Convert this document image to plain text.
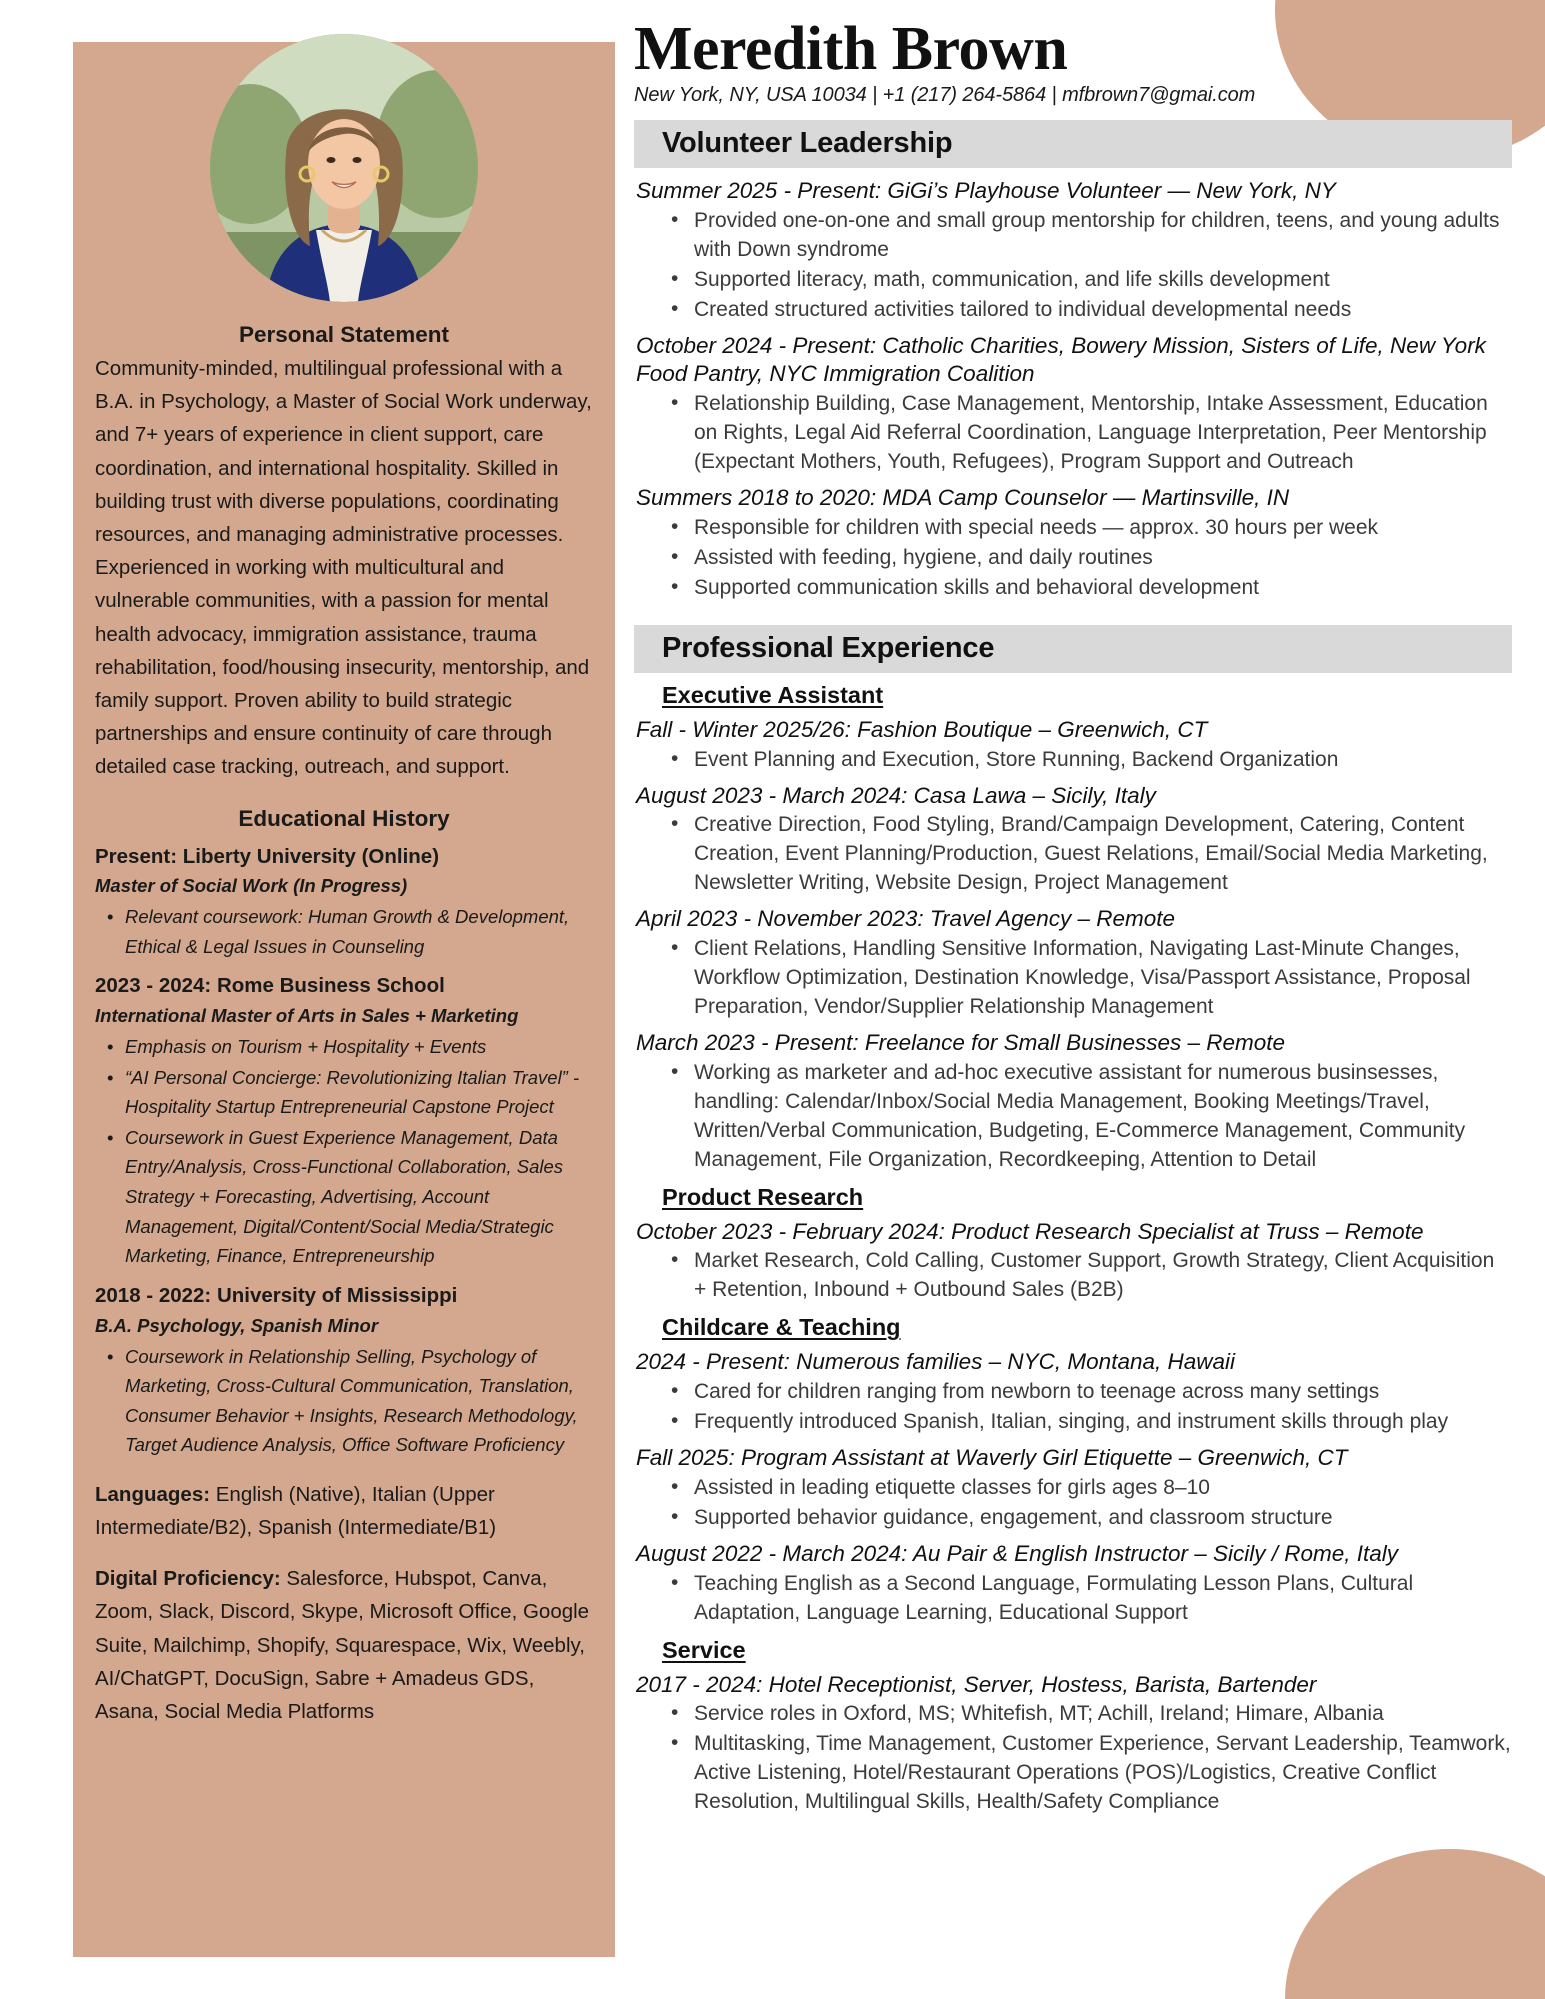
Personal Statement
Community-minded, multilingual professional with a B.A. in Psychology, a Master of Social Work underway, and 7+ years of experience in client support, care coordination, and international hospitality. Skilled in building trust with diverse populations, coordinating resources, and managing administrative processes. Experienced in working with multicultural and vulnerable communities, with a passion for mental health advocacy, immigration assistance, trauma rehabilitation, food/housing insecurity, mentorship, and family support. Proven ability to build strategic partnerships and ensure continuity of care through detailed case tracking, outreach, and support.
Educational History
Present: Liberty University (Online)
Master of Social Work (In Progress)
• Relevant coursework: Human Growth & Development, Ethical & Legal Issues in Counseling
2023 - 2024: Rome Business School
International Master of Arts in Sales + Marketing
• Emphasis on Tourism + Hospitality + Events
• “AI Personal Concierge: Revolutionizing Italian Travel” - Hospitality Startup Entrepreneurial Capstone Project
• Coursework in Guest Experience Management, Data Entry/Analysis, Cross-Functional Collaboration, Sales Strategy + Forecasting, Advertising, Account Management, Digital/Content/Social Media/Strategic Marketing, Finance, Entrepreneurship
2018 - 2022: University of Mississippi
B.A. Psychology, Spanish Minor
• Coursework in Relationship Selling, Psychology of Marketing, Cross-Cultural Communication, Translation, Consumer Behavior + Insights, Research Methodology, Target Audience Analysis, Office Software Proficiency
Languages: English (Native), Italian (Upper Intermediate/B2), Spanish (Intermediate/B1)
Digital Proficiency: Salesforce, Hubspot, Canva, Zoom, Slack, Discord, Skype, Microsoft Office, Google Suite, Mailchimp, Shopify, Squarespace, Wix, Weebly, AI/ChatGPT, DocuSign, Sabre + Amadeus GDS, Asana, Social Media Platforms
Meredith Brown
New York, NY, USA 10034 | +1 (217) 264-5864 | mfbrown7@gmai.com
Volunteer Leadership
Summer 2025 - Present: GiGi’s Playhouse Volunteer — New York, NY
• Provided one-on-one and small group mentorship for children, teens, and young adults with Down syndrome
• Supported literacy, math, communication, and life skills development
• Created structured activities tailored to individual developmental needs
October 2024 - Present: Catholic Charities, Bowery Mission, Sisters of Life, New York Food Pantry, NYC Immigration Coalition
• Relationship Building, Case Management, Mentorship, Intake Assessment, Education on Rights, Legal Aid Referral Coordination, Language Interpretation, Peer Mentorship (Expectant Mothers, Youth, Refugees), Program Support and Outreach
Summers 2018 to 2020: MDA Camp Counselor — Martinsville, IN
• Responsible for children with special needs — approx. 30 hours per week
• Assisted with feeding, hygiene, and daily routines
• Supported communication skills and behavioral development
Professional Experience
Executive Assistant
Fall - Winter 2025/26: Fashion Boutique – Greenwich, CT
• Event Planning and Execution, Store Running, Backend Organization
August 2023 - March 2024: Casa Lawa – Sicily, Italy
• Creative Direction, Food Styling, Brand/Campaign Development, Catering, Content Creation, Event Planning/Production, Guest Relations, Email/Social Media Marketing, Newsletter Writing, Website Design, Project Management
April 2023 - November 2023: Travel Agency – Remote
• Client Relations, Handling Sensitive Information, Navigating Last-Minute Changes, Workflow Optimization, Destination Knowledge, Visa/Passport Assistance, Proposal Preparation, Vendor/Supplier Relationship Management
March 2023 - Present: Freelance for Small Businesses – Remote
• Working as marketer and ad-hoc executive assistant for numerous businsesses, handling: Calendar/Inbox/Social Media Management, Booking Meetings/Travel, Written/Verbal Communication, Budgeting, E-Commerce Management, Community Management, File Organization, Recordkeeping, Attention to Detail
Product Research
October 2023 - February 2024: Product Research Specialist at Truss – Remote
• Market Research, Cold Calling, Customer Support, Growth Strategy, Client Acquisition + Retention, Inbound + Outbound Sales (B2B)
Childcare & Teaching
2024 - Present: Numerous families – NYC, Montana, Hawaii
• Cared for children ranging from newborn to teenage across many settings
• Frequently introduced Spanish, Italian, singing, and instrument skills through play
Fall 2025: Program Assistant at Waverly Girl Etiquette – Greenwich, CT
• Assisted in leading etiquette classes for girls ages 8–10
• Supported behavior guidance, engagement, and classroom structure
August 2022 - March 2024: Au Pair & English Instructor – Sicily / Rome, Italy
• Teaching English as a Second Language, Formulating Lesson Plans, Cultural Adaptation, Language Learning, Educational Support
Service
2017 - 2024: Hotel Receptionist, Server, Hostess, Barista, Bartender
• Service roles in Oxford, MS; Whitefish, MT; Achill, Ireland; Himare, Albania
• Multitasking, Time Management, Customer Experience, Servant Leadership, Teamwork, Active Listening, Hotel/Restaurant Operations (POS)/Logistics, Creative Conflict Resolution, Multilingual Skills, Health/Safety Compliance
